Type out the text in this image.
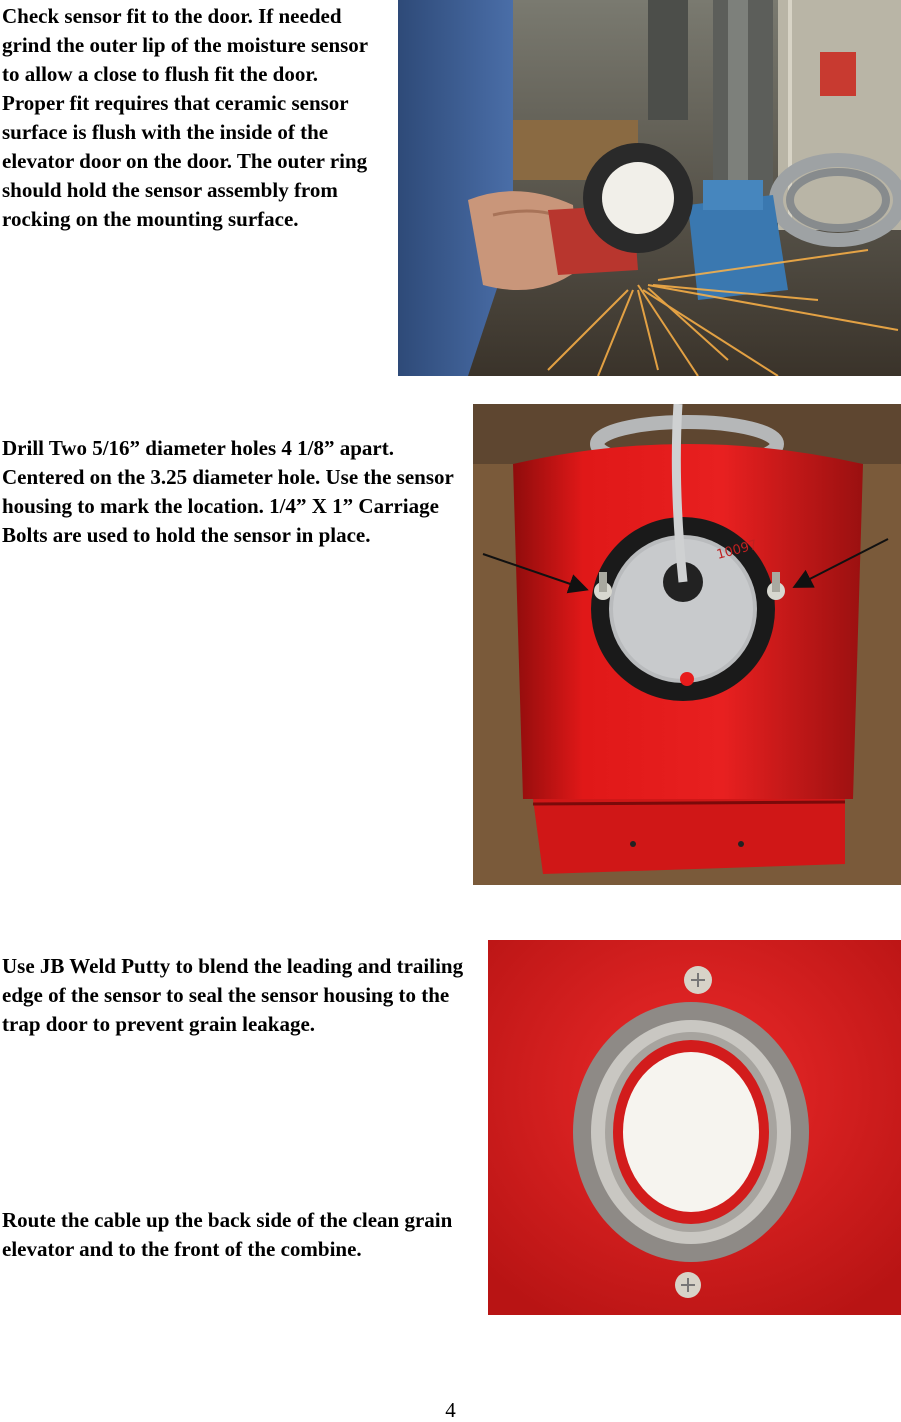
Check sensor fit to the door. If needed grind the outer lip of the moisture sensor to allow a close to flush fit the door. Proper fit requires that ceramic sensor surface is flush with the inside of the elevator door on the door. The outer ring should hold the sensor assembly from rocking on the mounting surface.

Drill Two 5/16” diameter holes 4 1/8” apart. Centered on the 3.25 diameter hole. Use the sensor housing to mark the location. 1/4” X 1” Carriage Bolts are used to hold the sensor in place.

10097

Use JB Weld Putty to blend the leading and trailing edge of the sensor to seal the sensor housing to the trap door to prevent grain leakage.

Route the cable up the back side of the clean grain elevator and to the front of the combine.

4
